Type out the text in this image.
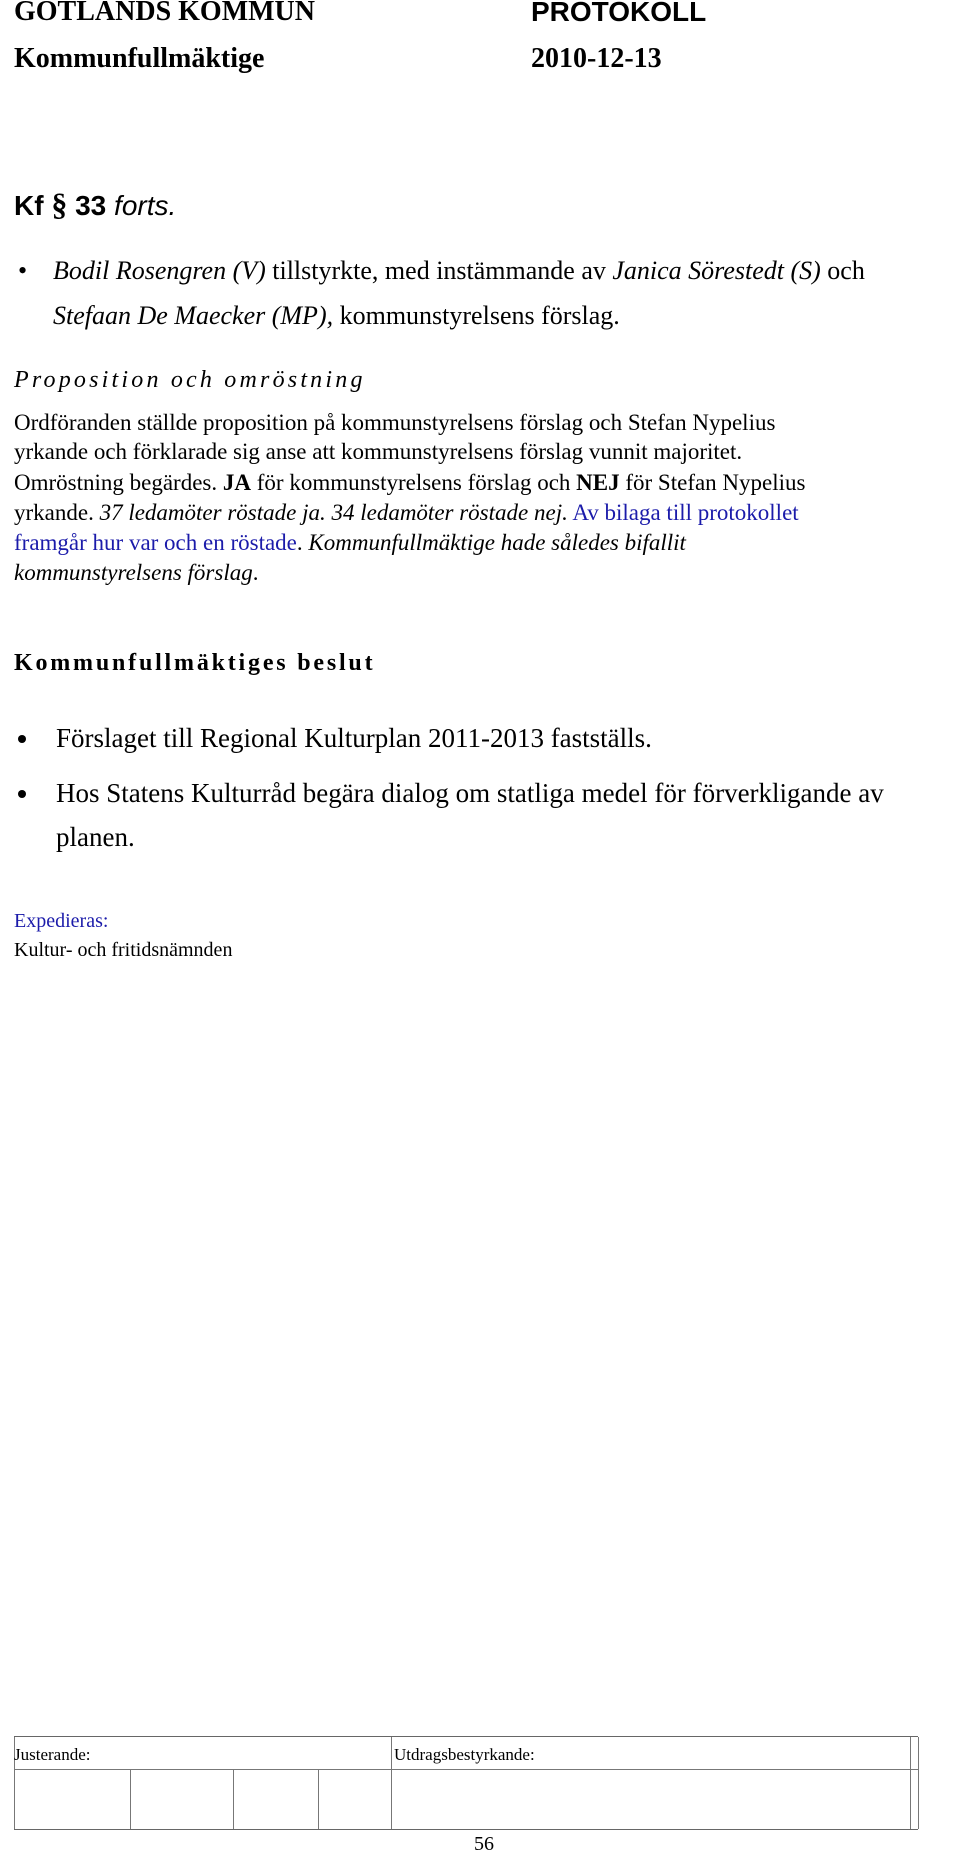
GOTLANDS KOMMUN	PROTOKOLL
Kommunfullmäktige	2010-12-13
Kf § 33 forts.
• Bodil Rosengren (V) tillstyrkte, med instämmande av Janica Sörestedt (S) och
Stefaan De Maecker (MP), kommunstyrelsens förslag.
Proposition och omröstning
Ordföranden ställde proposition på kommunstyrelsens förslag och Stefan Nypelius
yrkande och förklarade sig anse att kommunstyrelsens förslag vunnit majoritet.
Omröstning begärdes. JA för kommunstyrelsens förslag och NEJ för Stefan Nypelius
yrkande. 37 ledamöter röstade ja. 34 ledamöter röstade nej. Av bilaga till protokollet
framgår hur var och en röstade. Kommunfullmäktige hade således bifallit
kommunstyrelsens förslag.
Kommunfullmäktiges beslut
Förslaget till Regional Kulturplan 2011-2013 fastställs.
Hos Statens Kulturråd begära dialog om statliga medel för förverkligande av
planen.
Expedieras:
Kultur- och fritidsnämnden
Justerande:	Utdragsbestyrkande:
56
